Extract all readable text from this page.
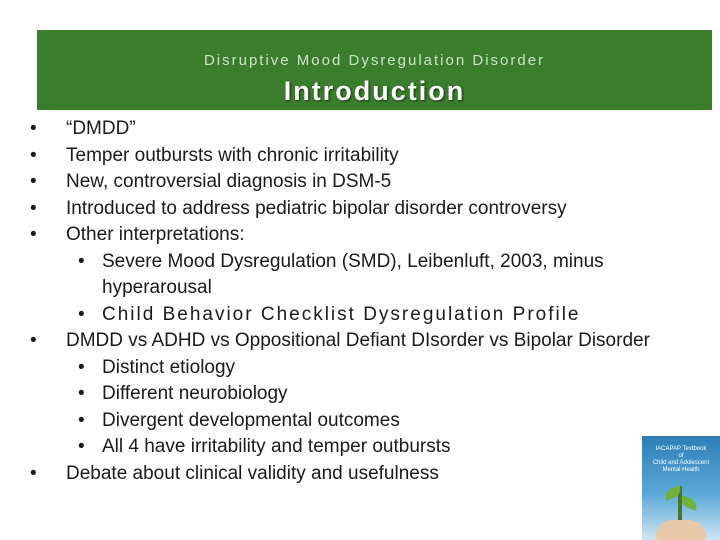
Disruptive Mood Dysregulation Disorder
Introduction
• “DMDD”
• Temper outbursts with chronic irritability
• New, controversial diagnosis in DSM-5
• Introduced to address pediatric bipolar disorder controversy
• Other interpretations:
• Severe Mood Dysregulation (SMD), Leibenluft, 2003, minus
hyperarousal
• Child Behavior Checklist Dysregulation Profile
• DMDD vs ADHD vs Oppositional Defiant DIsorder vs Bipolar Disorder
• Distinct etiology
• Different neurobiology
• Divergent developmental outcomes
• All 4 have irritability and temper outbursts
• Debate about clinical validity and usefulness
IACAPAP Textbook
of
Child and Adolescent
Mental Health
